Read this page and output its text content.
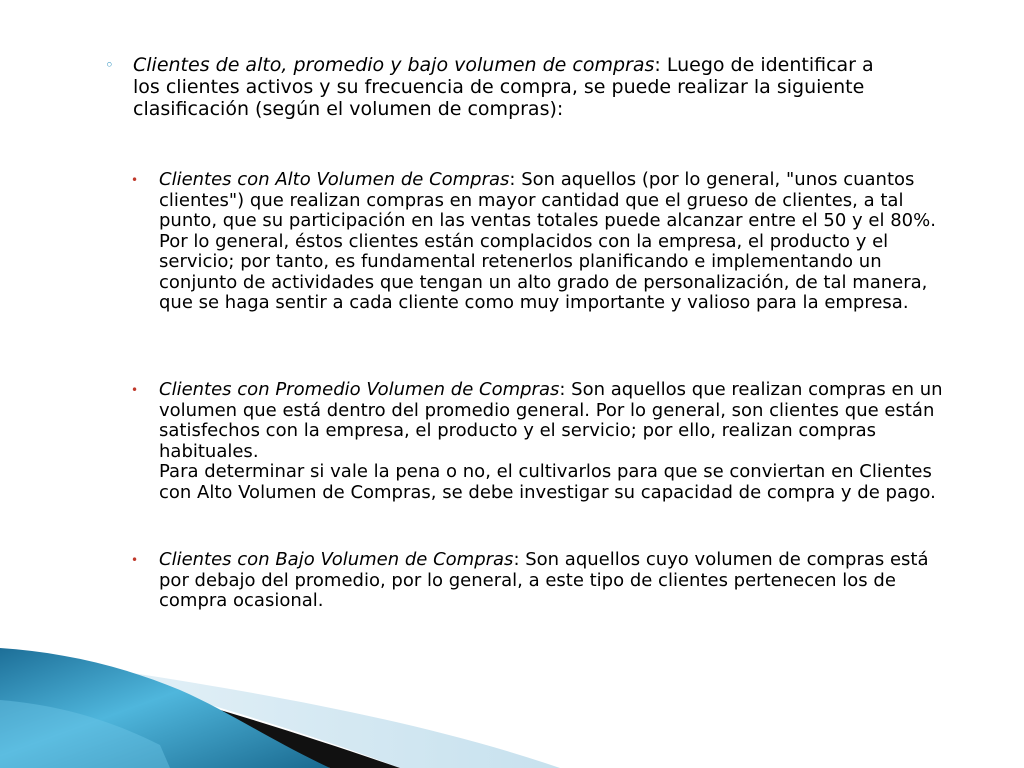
◦ Clientes de alto, promedio y bajo volumen de compras: Luego de identificar a los clientes activos y su frecuencia de compra, se puede realizar la siguiente clasificación (según el volumen de compras):
• Clientes con Alto Volumen de Compras: Son aquellos (por lo general, "unos cuantos clientes") que realizan compras en mayor cantidad que el grueso de clientes, a tal punto, que su participación en las ventas totales puede alcanzar entre el 50 y el 80%. Por lo general, éstos clientes están complacidos con la empresa, el producto y el servicio; por tanto, es fundamental retenerlos planificando e implementando un conjunto de actividades que tengan un alto grado de personalización, de tal manera, que se haga sentir a cada cliente como muy importante y valioso para la empresa.
• Clientes con Promedio Volumen de Compras: Son aquellos que realizan compras en un volumen que está dentro del promedio general. Por lo general, son clientes que están satisfechos con la empresa, el producto y el servicio; por ello, realizan compras habituales.
Para determinar si vale la pena o no, el cultivarlos para que se conviertan en Clientes con Alto Volumen de Compras, se debe investigar su capacidad de compra y de pago.
• Clientes con Bajo Volumen de Compras: Son aquellos cuyo volumen de compras está por debajo del promedio, por lo general, a este tipo de clientes pertenecen los de compra ocasional.
